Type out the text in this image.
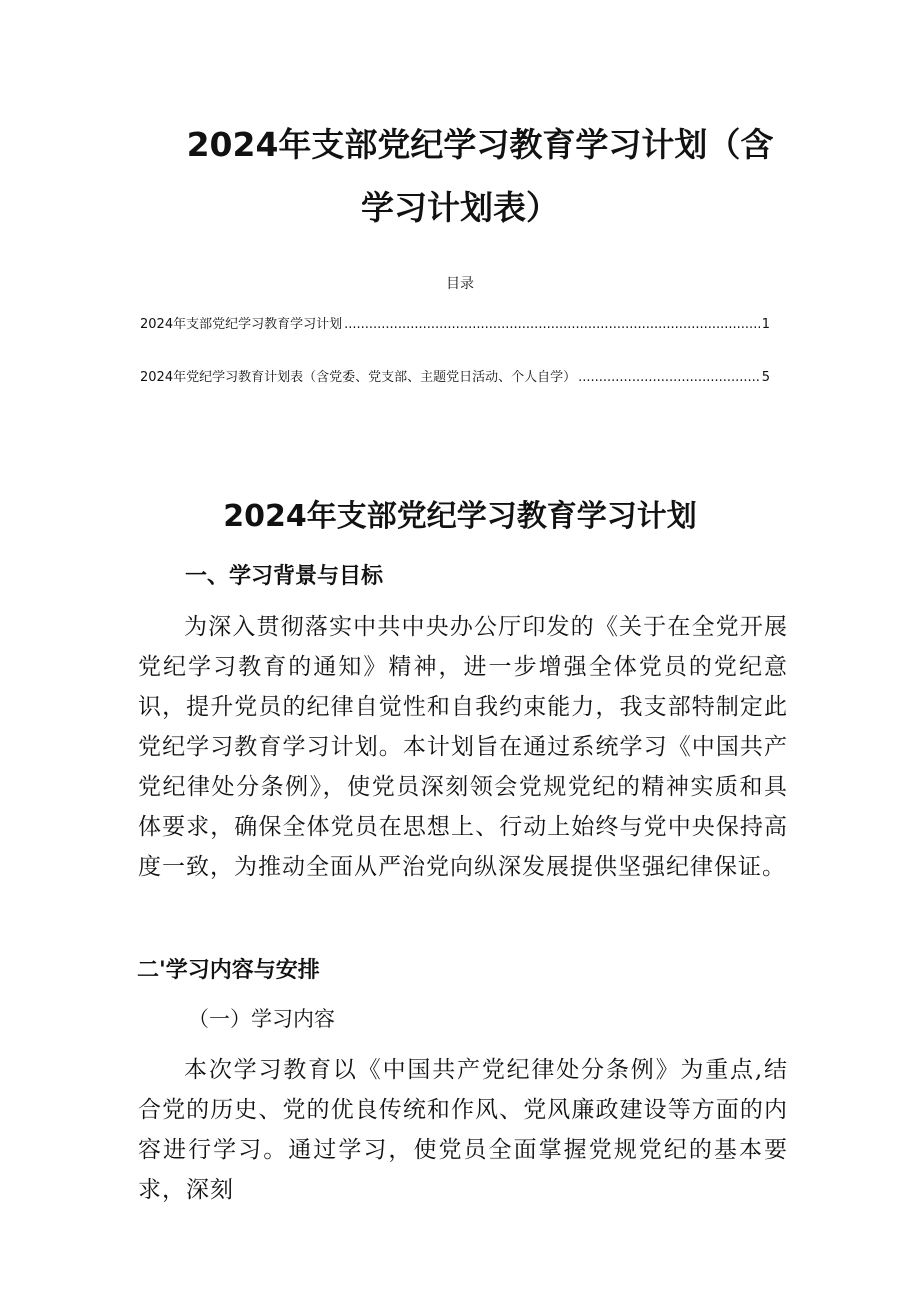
2024年支部党纪学习教育学习计划（含
学习计划表）
目录
2024年支部党纪学习教育学习计划 .....	1
2024年党纪学习教育计划表（含党委、党支部、主题党日活动、个人自学） .....	5
2024年支部党纪学习教育学习计划
一、学习背景与目标

为深入贯彻落实中共中央办公厅印发的《关于在全党开展党纪学习教育的通知》精神，进一步增强全体党员的党纪意识，提升党员的纪律自觉性和自我约束能力，我支部特制定此党纪学习教育学习计划。本计划旨在通过系统学习《中国共产党纪律处分条例》，使党员深刻领会党规党纪的精神实质和具体要求，确保全体党员在思想上、行动上始终与党中央保持高度一致，为推动全面从严治党向纵深发展提供坚强纪律保证。

二'学习内容与安排
（一）学习内容

本次学习教育以《中国共产党纪律处分条例》为重点,结合党的历史、党的优良传统和作风、党风廉政建设等方面的内容进行学习。通过学习，使党员全面掌握党规党纪的基本要求，深刻
